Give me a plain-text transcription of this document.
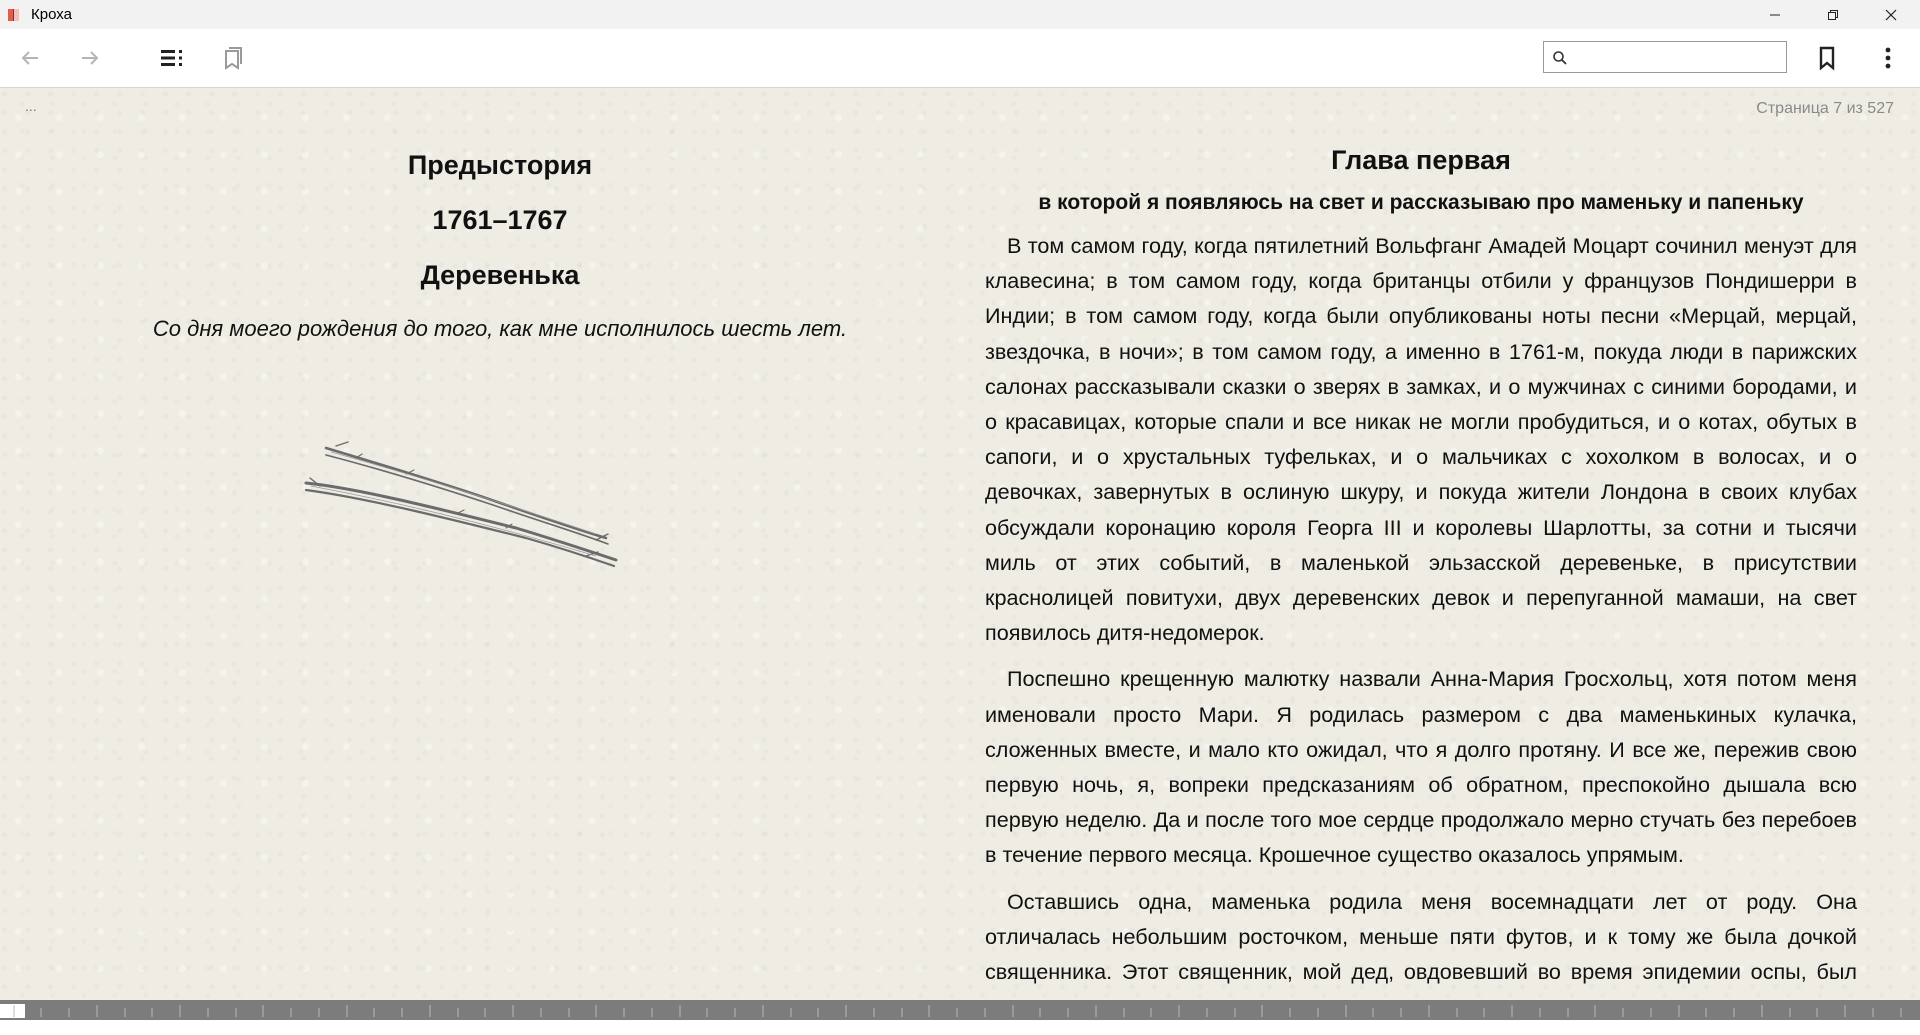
Кроха
...	Страница 7 из 527
Предыстория
1761–1767
Деревенька
Со дня моего рождения до того, как мне исполнилось шесть лет.
Глава первая
в которой я появляюсь на свет и рассказываю про маменьку и папеньку

В том самом году, когда пятилетний Вольфганг Амадей Моцарт сочинил менуэт для клавесина; в том самом году, когда британцы отбили у французов Пондишерри в Индии; в том самом году, когда были опубликованы ноты песни «Мерцай, мерцай, звездочка, в ночи»; в том самом году, а именно в 1761-м, покуда люди в парижских салонах рассказывали сказки о зверях в замках, и о мужчинах с синими бородами, и о красавицах, которые спали и все никак не могли пробудиться, и о котах, обутых в сапоги, и о хрустальных туфельках, и о мальчиках с хохолком в волосах, и о девочках, завернутых в ослиную шкуру, и покуда жители Лондона в своих клубах обсуждали коронацию короля Георга III и королевы Шарлотты, за сотни и тысячи миль от этих событий, в маленькой эльзасской деревеньке, в присутствии краснолицей повитухи, двух деревенских девок и перепуганной мамаши, на свет появилось дитя-недомерок.

Поспешно крещенную малютку назвали Анна-Мария Гросхольц, хотя потом меня именовали просто Мари. Я родилась размером с два маменькиных кулачка, сложенных вместе, и мало кто ожидал, что я долго протяну. И все же, пережив свою первую ночь, я, вопреки предсказаниям об обратном, преспокойно дышала всю первую неделю. Да и после того мое сердце продолжало мерно стучать без перебоев в течение первого месяца. Крошечное существо оказалось упрямым.

Оставшись одна, маменька родила меня восемнадцати лет от роду. Она отличалась небольшим росточком, меньше пяти футов, и к тому же была дочкой священника. Этот священник, мой дед, овдовевший во время эпидемии оспы, был
